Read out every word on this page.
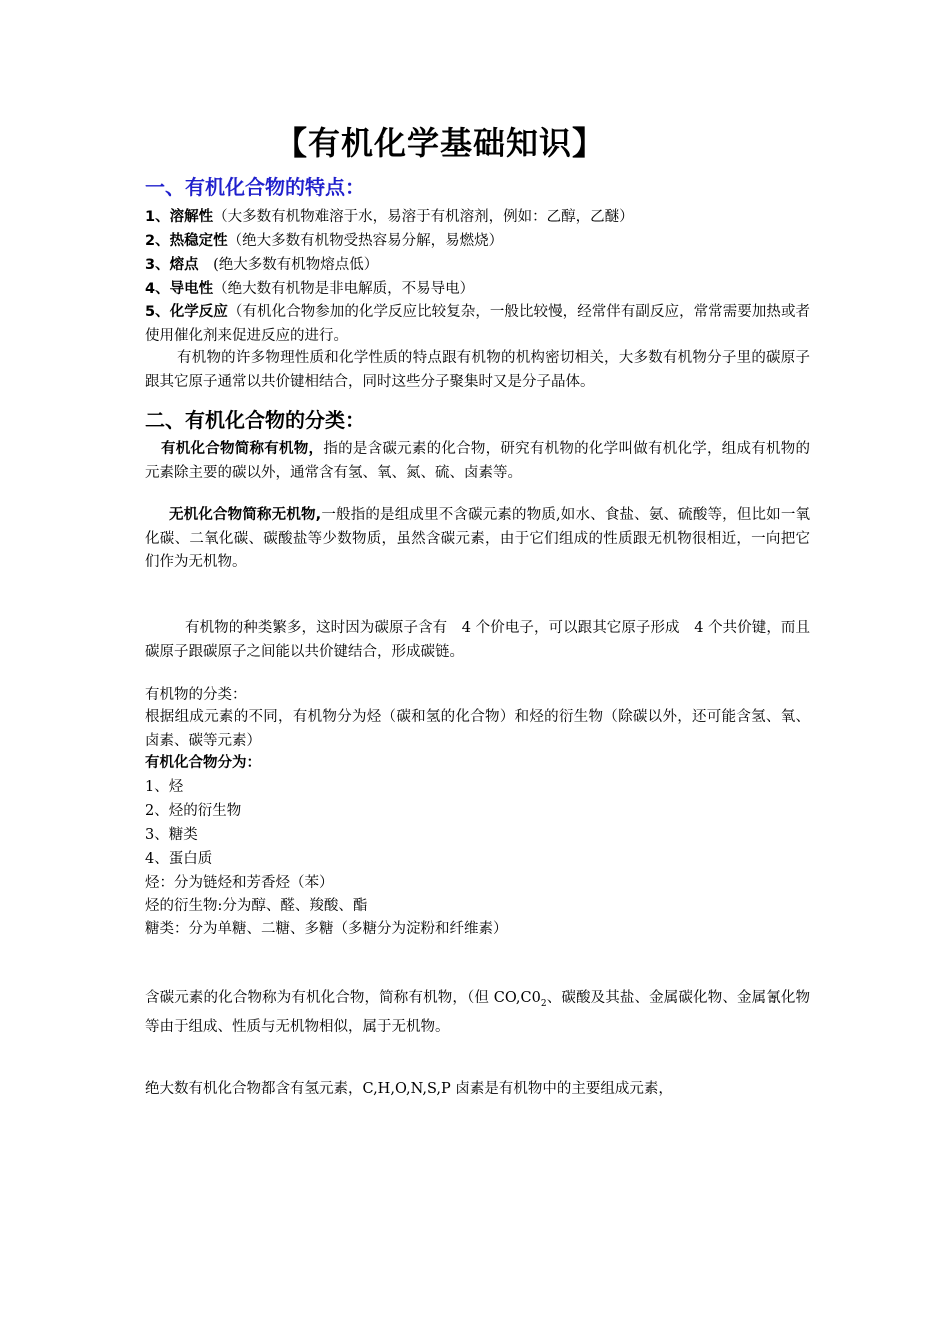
【有机化学基础知识】
一、有机化合物的特点：
1、溶解性（大多数有机物难溶于水，易溶于有机溶剂，例如：乙醇，乙醚）
2、热稳定性（绝大多数有机物受热容易分解，易燃烧）
3、熔点　(绝大多数有机物熔点低）
4、导电性（绝大数有机物是非电解质，不易导电）
5、化学反应（有机化合物参加的化学反应比较复杂，一般比较慢，经常伴有副反应，常常需要加热或者使用催化剂来促进反应的进行。
有机物的许多物理性质和化学性质的特点跟有机物的机构密切相关，大多数有机物分子里的碳原子跟其它原子通常以共价键相结合，同时这些分子聚集时又是分子晶体。
二、有机化合物的分类：
有机化合物简称有机物，指的是含碳元素的化合物，研究有机物的化学叫做有机化学，组成有机物的元素除主要的碳以外，通常含有氢、氧、氮、硫、卤素等。
无机化合物简称无机物,一般指的是组成里不含碳元素的物质,如水、食盐、氨、硫酸等，但比如一氧化碳、二氧化碳、碳酸盐等少数物质，虽然含碳元素，由于它们组成的性质跟无机物很相近，一向把它们作为无机物。
有机物的种类繁多，这时因为碳原子含有　4 个价电子，可以跟其它原子形成　4 个共价键，而且碳原子跟碳原子之间能以共价键结合，形成碳链。
有机物的分类：
根据组成元素的不同，有机物分为烃（碳和氢的化合物）和烃的衍生物（除碳以外，还可能含氢、氧、卤素、碳等元素）
有机化合物分为：
1、烃
2、烃的衍生物
3、糖类
4、蛋白质
烃：分为链烃和芳香烃（苯）
烃的衍生物:分为醇、醛、羧酸、酯
糖类：分为单糖、二糖、多糖（多糖分为淀粉和纤维素）
含碳元素的化合物称为有机化合物，简称有机物，（但 $CO,C0_2$、碳酸及其盐、金属碳化物、金属氰化物等由于组成、性质与无机物相似，属于无机物。
绝大数有机化合物都含有氢元素，C,H,O,N,S,P 卤素是有机物中的主要组成元素，
